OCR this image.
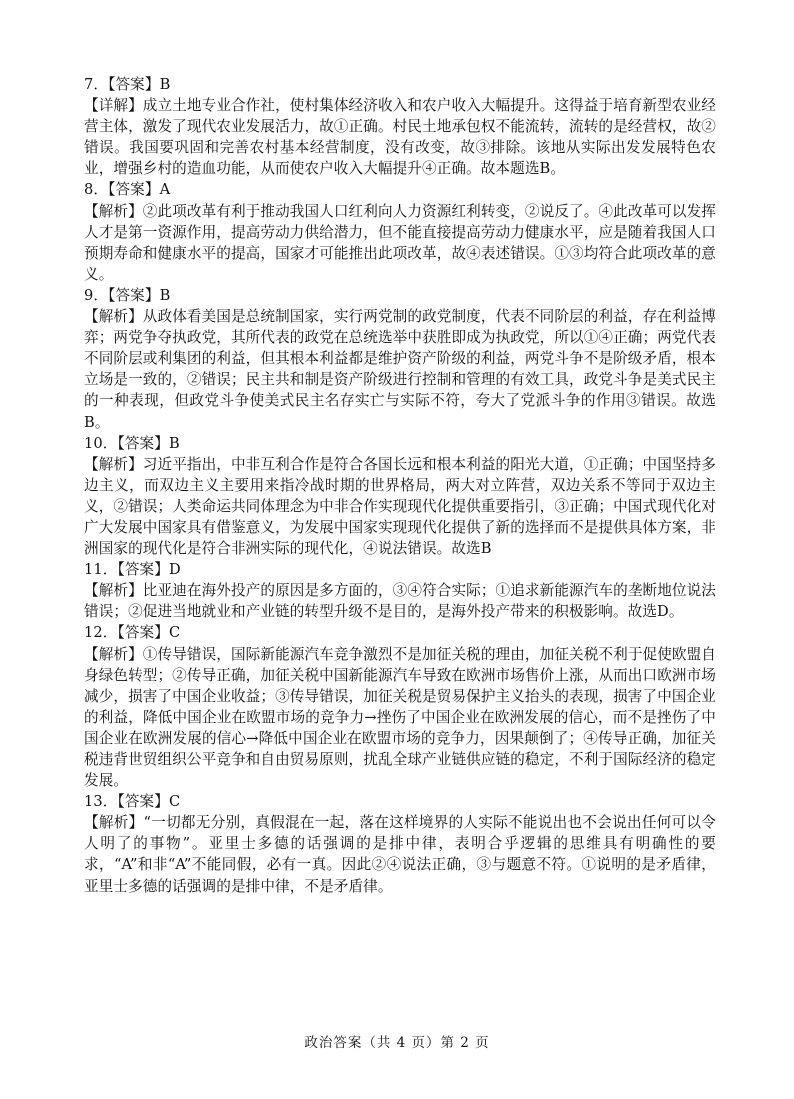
7．【答案】B

【详解】成立土地专业合作社，使村集体经济收入和农户收入大幅提升。这得益于培育新型农业经营主体，激发了现代农业发展活力，故①正确。村民土地承包权不能流转，流转的是经营权，故②错误。我国要巩固和完善农村基本经营制度，没有改变，故③排除。该地从实际出发发展特色农业，增强乡村的造血功能，从而使农户收入大幅提升④正确。故本题选B。

8．【答案】A

【解析】②此项改革有利于推动我国人口红利向人力资源红利转变，②说反了。④此改革可以发挥人才是第一资源作用，提高劳动力供给潜力，但不能直接提高劳动力健康水平，应是随着我国人口预期寿命和健康水平的提高，国家才可能推出此项改革，故④表述错误。①③均符合此项改革的意义。

9．【答案】B

【解析】从政体看美国是总统制国家，实行两党制的政党制度，代表不同阶层的利益，存在利益博弈；两党争夺执政党，其所代表的政党在总统选举中获胜即成为执政党，所以①④正确；两党代表不同阶层或利集团的利益，但其根本利益都是维护资产阶级的利益，两党斗争不是阶级矛盾，根本立场是一致的，②错误；民主共和制是资产阶级进行控制和管理的有效工具，政党斗争是美式民主的一种表现，但政党斗争使美式民主名存实亡与实际不符，夸大了党派斗争的作用③错误。故选B。

10．【答案】B

【解析】习近平指出，中非互利合作是符合各国长远和根本利益的阳光大道，①正确；中国坚持多边主义，而双边主义主要用来指冷战时期的世界格局，两大对立阵营，双边关系不等同于双边主义，②错误；人类命运共同体理念为中非合作实现现代化提供重要指引，③正确；中国式现代化对广大发展中国家具有借鉴意义，为发展中国家实现现代化提供了新的选择而不是提供具体方案，非洲国家的现代化是符合非洲实际的现代化，④说法错误。故选B

11．【答案】D

【解析】比亚迪在海外投产的原因是多方面的，③④符合实际；①追求新能源汽车的垄断地位说法错误；②促进当地就业和产业链的转型升级不是目的，是海外投产带来的积极影响。故选D。

12．【答案】C

【解析】①传导错误，国际新能源汽车竞争激烈不是加征关税的理由，加征关税不利于促使欧盟自身绿色转型；②传导正确，加征关税中国新能源汽车导致在欧洲市场售价上涨，从而出口欧洲市场减少，损害了中国企业收益；③传导错误，加征关税是贸易保护主义抬头的表现，损害了中国企业的利益，降低中国企业在欧盟市场的竞争力→挫伤了中国企业在欧洲发展的信心，而不是挫伤了中国企业在欧洲发展的信心→降低中国企业在欧盟市场的竞争力，因果颠倒了；④传导正确，加征关税违背世贸组织公平竞争和自由贸易原则，扰乱全球产业链供应链的稳定，不利于国际经济的稳定发展。

13．【答案】C

【解析】“一切都无分别，真假混在一起，落在这样境界的人实际不能说出也不会说出任何可以令人明了的事物”。亚里士多德的话强调的是排中律，表明合乎逻辑的思维具有明确性的要求，“A”和非“A”不能同假，必有一真。因此②④说法正确，③与题意不符。①说明的是矛盾律，亚里士多德的话强调的是排中律，不是矛盾律。

政治答案（共 4 页）第 2 页
